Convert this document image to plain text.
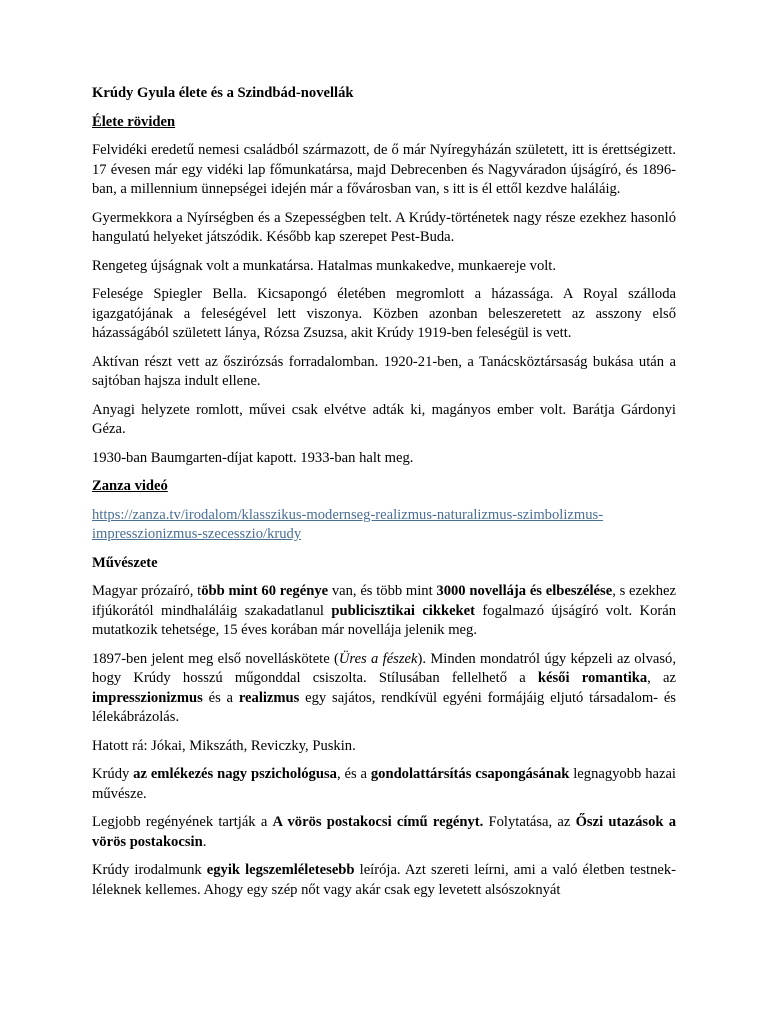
Krúdy Gyula élete és a Szindbád-novellák

Élete röviden

Felvidéki eredetű nemesi családból származott, de ő már Nyíregyházán született, itt is érettségizett. 17 évesen már egy vidéki lap főmunkatársa, majd Debrecenben és Nagyváradon újságíró, és 1896-ban, a millennium ünnepségei idején már a fővárosban van, s itt is él ettől kezdve haláláig.

Gyermekkora a Nyírségben és a Szepességben telt. A Krúdy-történetek nagy része ezekhez hasonló hangulatú helyeket játszódik. Később kap szerepet Pest-Buda.

Rengeteg újságnak volt a munkatársa. Hatalmas munkakedve, munkaereje volt.

Felesége Spiegler Bella. Kicsapongó életében megromlott a házassága. A Royal szálloda igazgatójának a feleségével lett viszonya. Közben azonban beleszeretett az asszony első házasságából született lánya, Rózsa Zsuzsa, akit Krúdy 1919-ben feleségül is vett.

Aktívan részt vett az őszirózsás forradalomban. 1920-21-ben, a Tanácsköztársaság bukása után a sajtóban hajsza indult ellene.

Anyagi helyzete romlott, művei csak elvétve adták ki, magányos ember volt. Barátja Gárdonyi Géza.

1930-ban Baumgarten-díjat kapott. 1933-ban halt meg.

Zanza videó

https://zanza.tv/irodalom/klasszikus-modernseg-realizmus-naturalizmus-szimbolizmus-impresszionizmus-szecesszio/krudy

Művészete

Magyar prózaíró, több mint 60 regénye van, és több mint 3000 novellája és elbeszélése, s ezekhez ifjúkorától mindhaláláig szakadatlanul publicisztikai cikkeket fogalmazó újságíró volt. Korán mutatkozik tehetsége, 15 éves korában már novellája jelenik meg.

1897-ben jelent meg első novelláskötete (Üres a fészek). Minden mondatról úgy képzeli az olvasó, hogy Krúdy hosszú műgonddal csiszolta. Stílusában fellelhető a késői romantika, az impresszionizmus és a realizmus egy sajátos, rendkívül egyéni formájáig eljutó társadalom- és lélekábrázolás.

Hatott rá: Jókai, Mikszáth, Reviczky, Puskin.

Krúdy az emlékezés nagy pszichológusa, és a gondolattársítás csapongásának legnagyobb hazai művésze.

Legjobb regényének tartják a A vörös postakocsi című regényt. Folytatása, az Őszi utazások a vörös postakocsin.

Krúdy irodalmunk egyik legszemléletesebb leírója. Azt szereti leírni, ami a való életben testnek-léleknek kellemes. Ahogy egy szép nőt vagy akár csak egy levetett alsószoknyát
